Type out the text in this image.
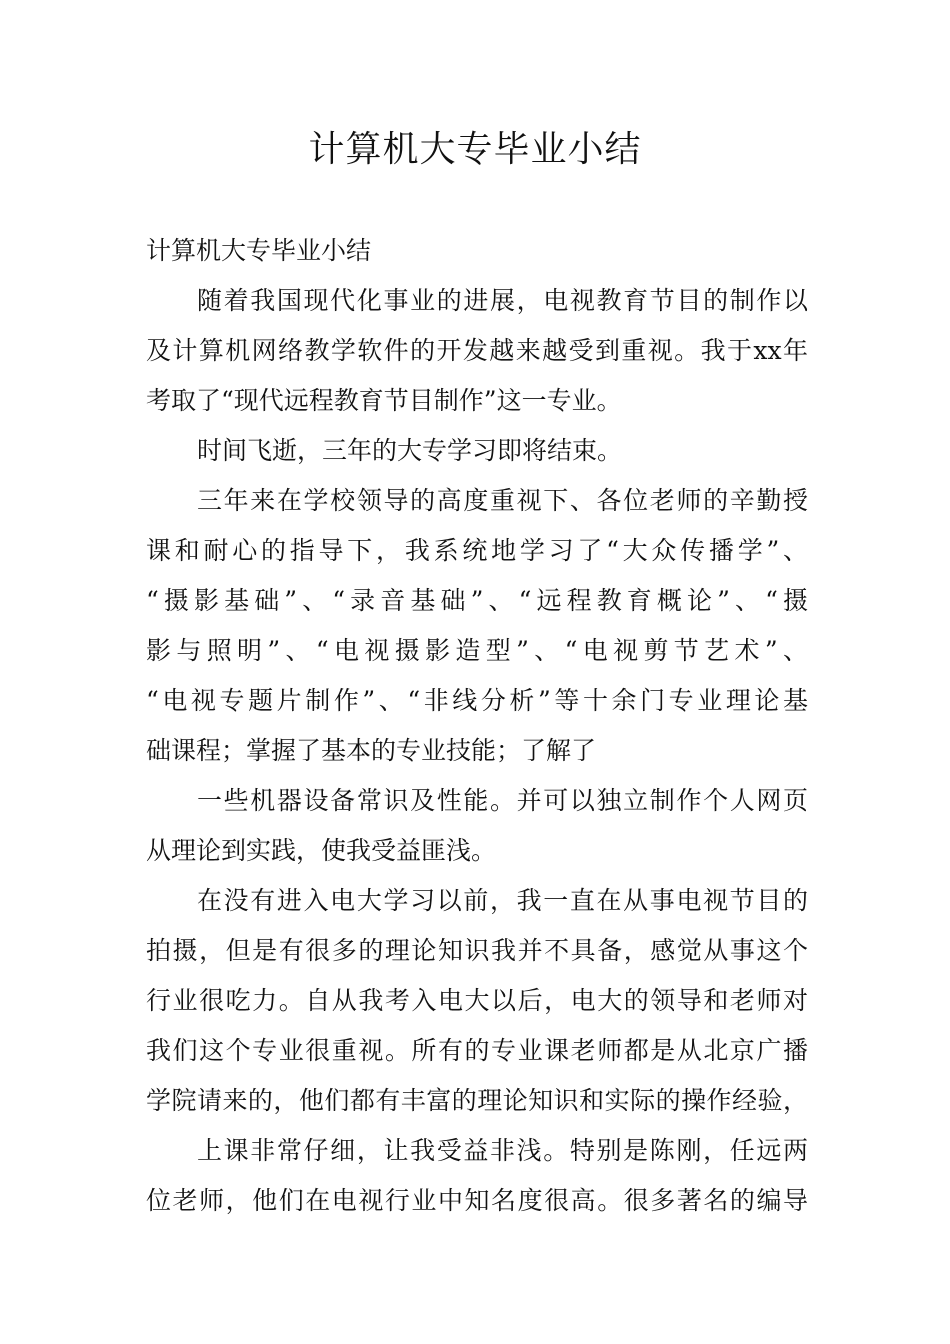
计算机大专毕业小结
计算机大专毕业小结
随着我国现代化事业的进展，电视教育节目的制作以
及计算机网络教学软件的开发越来越受到重视。我于xx年
考取了“现代远程教育节目制作”这一专业。
时间飞逝，三年的大专学习即将结束。
三年来在学校领导的高度重视下、各位老师的辛勤授
课和耐心的指导下，我系统地学习了“大众传播学”、
“摄影基础”、“录音基础”、“远程教育概论”、“摄
影与照明”、“电视摄影造型”、“电视剪节艺术”、
“电视专题片制作”、“非线分析”等十余门专业理论基
础课程；掌握了基本的专业技能；了解了
一些机器设备常识及性能。并可以独立制作个人网页
从理论到实践，使我受益匪浅。
在没有进入电大学习以前，我一直在从事电视节目的
拍摄，但是有很多的理论知识我并不具备，感觉从事这个
行业很吃力。自从我考入电大以后，电大的领导和老师对
我们这个专业很重视。所有的专业课老师都是从北京广播
学院请来的，他们都有丰富的理论知识和实际的操作经验，
上课非常仔细，让我受益非浅。特别是陈刚，任远两
位老师，他们在电视行业中知名度很高。很多著名的编导
